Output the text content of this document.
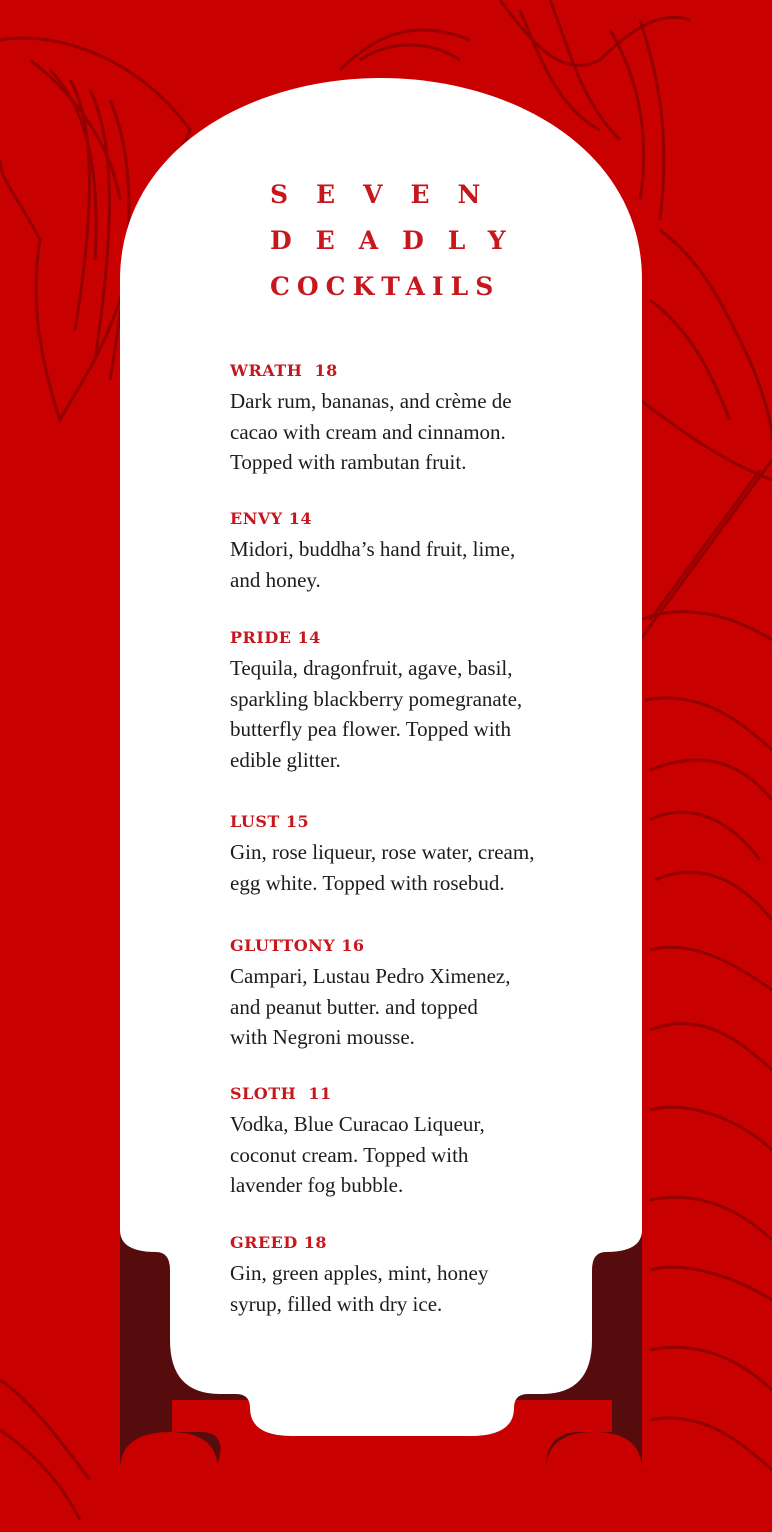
SEVEN
DEADLY
COCKTAILS
WRATH  18
Dark rum, bananas, and crème de
cacao with cream and cinnamon.
Topped with rambutan fruit.
ENVY 14
Midori, buddha’s hand fruit, lime,
and honey.
PRIDE 14
Tequila, dragonfruit, agave, basil,
sparkling blackberry pomegranate,
butterfly pea flower. Topped with
edible glitter.
LUST 15
Gin, rose liqueur, rose water, cream,
egg white. Topped with rosebud.
GLUTTONY 16
Campari, Lustau Pedro Ximenez,
and peanut butter. and topped
with Negroni mousse.
SLOTH  11
Vodka, Blue Curacao Liqueur,
coconut cream. Topped with
lavender fog bubble.
GREED 18
Gin, green apples, mint, honey
syrup, filled with dry ice.
